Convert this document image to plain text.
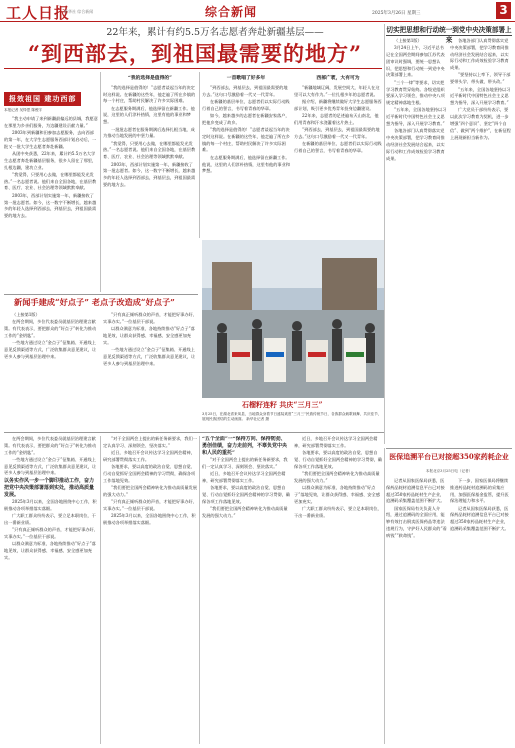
工人日报
新华社 综合新闻	综合新闻	2025年3月26日 星期三	3
22年来，累计有约5.5万名志愿者奔赴新疆基层——
“到西部去，到祖国最需要的地方”
报效祖国 建功西部
本报记者 吴铎思 陈俊宇

“我主动申请了来到新疆最偏远的县城，我愿意在那里为乡亲们服务，为边疆建设贡献力量。”

2003年到新疆和田参加志愿服务，去向西部的第一年，在大学生志愿服务西部计划启动后，一批又一批大学生志愿者奔赴新疆。

从团中央获悉，22年来，累计约5.5万名大学生志愿者奔赴新疆基层服务，很多人留在了那里，扎根边疆，建功立业。

“我觉得，只要用心去做，在哪里都能发光发热。”一名志愿者说。他们来自全国各地，在基层教育、医疗、农业、社会治理等领域默默奉献。

2003年，西部计划实施第一年，新疆接收了第一批志愿者。如今，这一数字不断增长，越来越多的年轻人选择到西部去，到基层去，到祖国最需要的地方去。

“我的选择是值得的”

“我的选择是值得的！”志愿者谈起当年的决定时这样说。在新疆的这些年，他走遍了所在乡镇的每一个村庄，帮助村民解决了许多实际困难。

在志愿服务期满后，他选择留在新疆工作。他说，这里的人们淳朴热情，这里有他的事业和梦想。

一批批志愿者在服务期满后选择扎根当地，成为推动当地发展的中坚力量。

“我觉得，只要用心去做，在哪里都能发光发热。”一名志愿者说。他们来自全国各地，在基层教育、医疗、农业、社会治理等领域默默奉献。

2003年，西部计划实施第一年，新疆接收了第一批志愿者。如今，这一数字不断增长，越来越多的年轻人选择到西部去，到基层去，到祖国最需要的地方去。

一首歌唱了好多年

“到西部去，到基层去，到祖国最需要的地方去。”这句口号激励着一代又一代青年。

在新疆的基层单位，志愿者们以实际行动践行着自己的誓言，书写着青春的华章。

如今，越来越多的志愿者在新疆安家落户，把他乡变成了故乡。

“我的选择是值得的！”志愿者谈起当年的决定时这样说。在新疆的这些年，他走遍了所在乡镇的每一个村庄，帮助村民解决了许多实际困难。

在志愿服务期满后，他选择留在新疆工作。他说，这里的人们淳朴热情，这里有他的事业和梦想。

西部广袤，大有可为

“新疆地域辽阔，发展空间大，年轻人在这里可以大有作为。”一位扎根多年的志愿者说。

据介绍，新疆将继续做好大学生志愿服务西部计划，吸引更多优秀青年投身边疆建设。

22年来，志愿者的足迹遍布天山南北，他们用青春和汗水浇灌着这片热土。

“到西部去，到基层去，到祖国最需要的地方去。”这句口号激励着一代又一代青年。

在新疆的基层单位，志愿者们以实际行动践行着自己的誓言，书写着青春的华章。

石榴籽连籽 共庆“三月三”
3月25日，在湖北省来凤县，当地群众身着节日盛装欢度“三月三”民族传统节日，各族群众载歌载舞，共庆佳节，展现民族团结的生动画面。 新华社记者 摄
切实把思想和行动统一到党中央决策部署上来

（上接第1版）

3月24日上午，习近平总书记在全国两会期间参加江苏代表团审议时强调，要统一思想认识，把思想和行动统一到党中央决策部署上来。

“三个一律”等要求，切实把学习教育贯穿始终。各级党组织要深入学习领会，推动中央八项规定精神落地生根。

“五年来，全国各地坚持以习近平新时代中国特色社会主义思想为指导，深入开展学习教育。”

各地各部门认真贯彻落实党中央决策部署，把学习教育同推动经济社会发展结合起来，以实际行动和工作成效检验学习教育成果。

各地各部门认真贯彻落实党中央决策部署，把学习教育同推动经济社会发展结合起来，以实际行动和工作成效检验学习教育成果。

“要坚持以上率下，领导干部要带头学、带头做、带头改。”

“五年来，全国各地坚持以习近平新时代中国特色社会主义思想为指导，深入开展学习教育。”

广大党员干部纷纷表示，要以此次学习教育为契机，进一步增强“四个意识”、坚定“四个自信”、做到“两个维护”，在新征程上展现新担当新作为。

新闻手建成“好点子” 老点子改造成“好点子”

（上接第1版）

在两会期间，多位代表委员就基层治理建言献策。有代表表示，要把群众的“好点子”转化为推动工作的“金钥匙”。

一些地方通过设立“金点子”征集箱、开通线上意见反馈渠道等方式，广泛收集群众意见建议，让更多人参与到基层治理中来。

“只有真正倾听群众的声音，才能把好事办好、实事办实。”一位基层干部说。

以群众满意为标准，各地持续推动“好点子”落地见效，让群众获得感、幸福感、安全感更加充实。

一些地方通过设立“金点子”征集箱、开通线上意见反馈渠道等方式，广泛收集群众意见建议，让更多人参与到基层治理中来。

在两会期间，多位代表委员就基层治理建言献策。有代表表示，要把群众的“好点子”转化为推动工作的“金钥匙”。

一些地方通过设立“金点子”征集箱、开通线上意见反馈渠道等方式，广泛收集群众意见建议，让更多人参与到基层治理中来。

以务实作风一步一个脚印推动工作，奋力把党中央决策部署落到实处，推动高质量发展。

2025年3月以来，全国各地围绕中心工作，积极推动各项举措落实落细。

广大职工群众纷纷表示，要立足本职岗位，干出一番新业绩。

“只有真正倾听群众的声音，才能把好事办好、实事办实。”一位基层干部说。

以群众满意为标准，各地持续推动“好点子”落地见效，让群众获得感、幸福感、安全感更加充实。

“对于全国两会上提出的新任务新要求，我们一定认真学习、深刻领会、坚决落实。”

近日，多地召开会议传达学习全国两会精神，研究部署贯彻落实工作。

各地要求，要以高度的政治自觉、思想自觉、行动自觉抓好全国两会精神的学习贯彻，确保各项工作落地见效。

“我们要把全国两会精神转化为推动高质量发展的强大动力。”

“只有真正倾听群众的声音，才能把好事办好、实事办实。”一位基层干部说。

2025年3月以来，全国各地围绕中心工作，积极推动各项举措落实落细。

“五个全面”一“保持方向、保持韧劲、勇创佳绩，奋力走前列，不辜负党中央和人民的重托”

“对于全国两会上提出的新任务新要求，我们一定认真学习、深刻领会、坚决落实。”

近日，多地召开会议传达学习全国两会精神，研究部署贯彻落实工作。

各地要求，要以高度的政治自觉、思想自觉、行动自觉抓好全国两会精神的学习贯彻，确保各项工作落地见效。

“我们要把全国两会精神转化为推动高质量发展的强大动力。”

近日，多地召开会议传达学习全国两会精神，研究部署贯彻落实工作。

各地要求，要以高度的政治自觉、思想自觉、行动自觉抓好全国两会精神的学习贯彻，确保各项工作落地见效。

“我们要把全国两会精神转化为推动高质量发展的强大动力。”

以群众满意为标准，各地持续推动“好点子”落地见效，让群众获得感、幸福感、安全感更加充实。

广大职工群众纷纷表示，要立足本职岗位，干出一番新业绩。

医保追溯平台已对接超350家药耗企业
本报北京3月25日电（记者）

记者从国家医保局获悉，医保药品耗材追溯信息平台已对接超过350家药品耗材生产企业，追溯码采集覆盖范围不断扩大。

国家医保局有关负责人介绍，通过追溯码的全面应用，能够有效打击倒卖医保药品等违法违规行为，守护好人民群众的“看病钱”“救命钱”。

下一步，国家医保局将继续推进药品耗材追溯码的采集应用，加强医保基金监管，提升医保治理能力和水平。

记者从国家医保局获悉，医保药品耗材追溯信息平台已对接超过350家药品耗材生产企业，追溯码采集覆盖范围不断扩大。
